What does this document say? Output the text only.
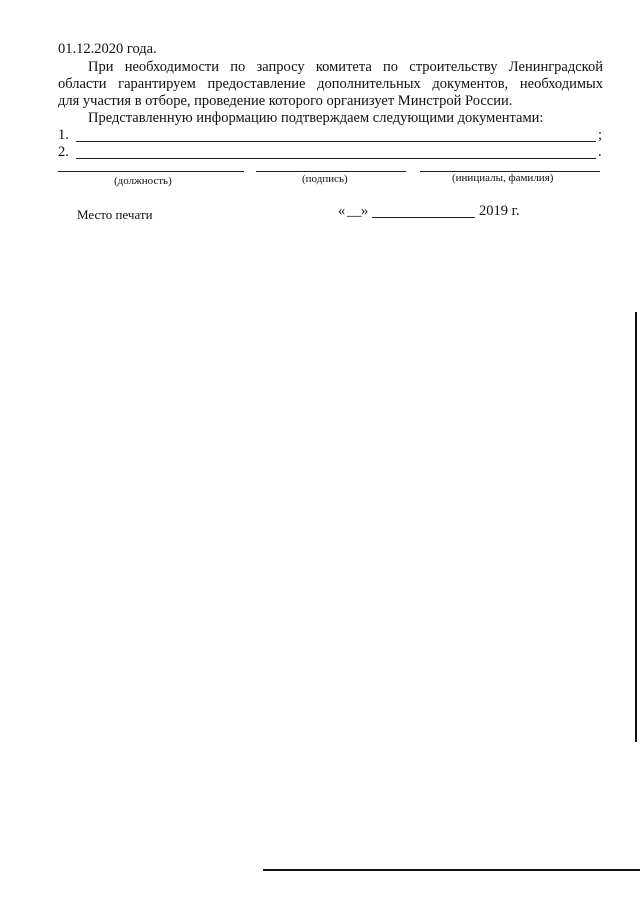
01.12.2020 года.
При необходимости по запросу комитета по строительству Ленинградской
области гарантируем предоставление дополнительных документов, необходимых
для участия в отборе, проведение которого организует Минстрой России.
Представленную информацию подтверждаем следующими документами:
1.	;
2.	.
(должность)	(подпись)	(инициалы, фамилия)
Место печати	« __ »	2019 г.
